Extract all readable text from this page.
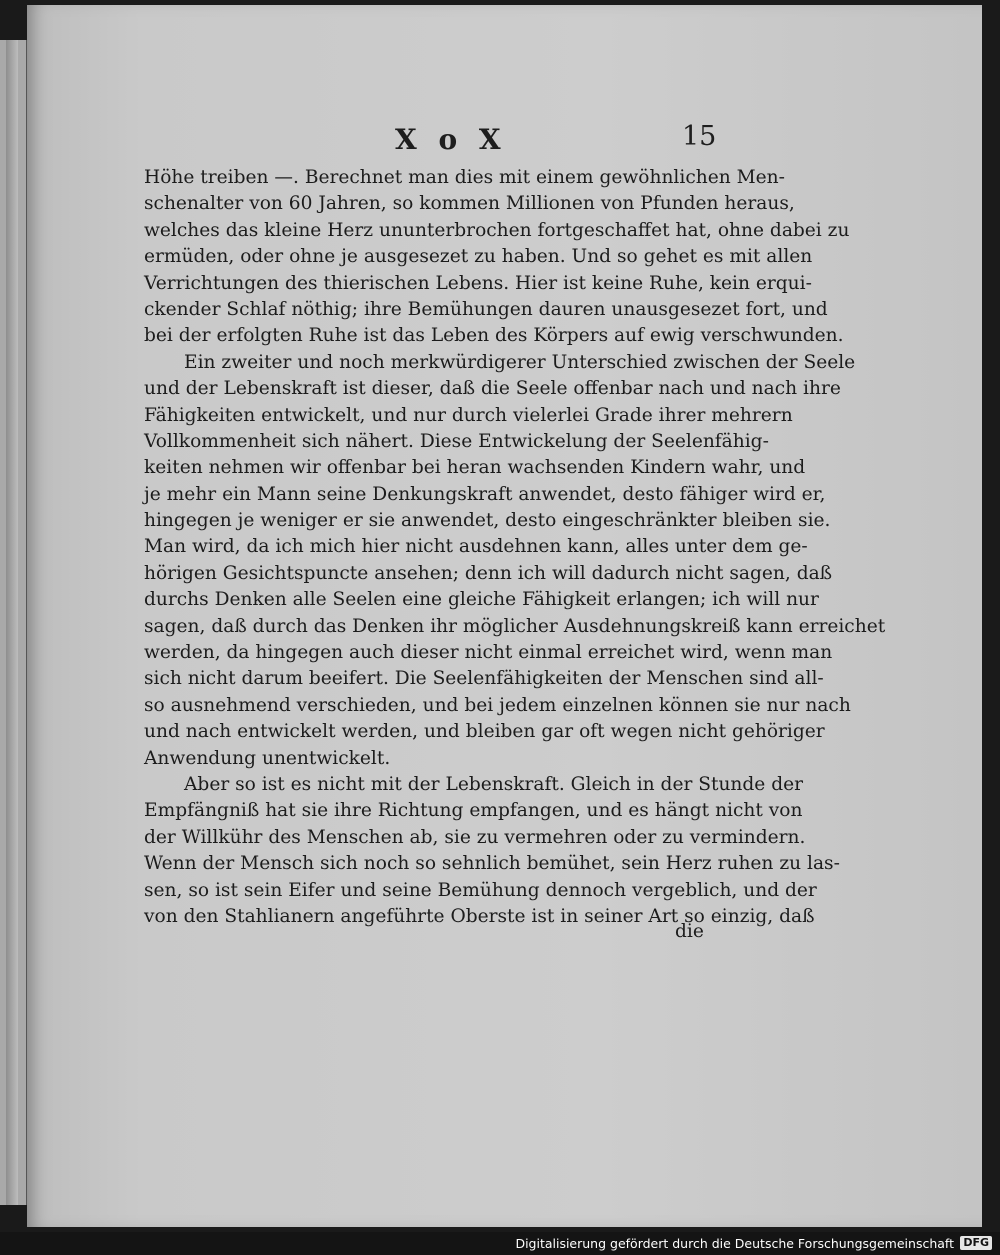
X o X	15
Höhe treiben —. Berechnet man dies mit einem gewöhnlichen Men-
schenalter von 60 Jahren, so kommen Millionen von Pfunden heraus,
welches das kleine Herz ununterbrochen fortgeschaffet hat, ohne dabei zu
ermüden, oder ohne je ausgesezet zu haben. Und so gehet es mit allen
Verrichtungen des thierischen Lebens. Hier ist keine Ruhe, kein erqui-
ckender Schlaf nöthig; ihre Bemühungen dauren unausgesezet fort, und
bei der erfolgten Ruhe ist das Leben des Körpers auf ewig verschwunden.
Ein zweiter und noch merkwürdigerer Unterschied zwischen der Seele
und der Lebenskraft ist dieser, daß die Seele offenbar nach und nach ihre
Fähigkeiten entwickelt, und nur durch vielerlei Grade ihrer mehrern
Vollkommenheit sich nähert. Diese Entwickelung der Seelenfähig-
keiten nehmen wir offenbar bei heran wachsenden Kindern wahr, und
je mehr ein Mann seine Denkungskraft anwendet, desto fähiger wird er,
hingegen je weniger er sie anwendet, desto eingeschränkter bleiben sie.
Man wird, da ich mich hier nicht ausdehnen kann, alles unter dem ge-
hörigen Gesichtspuncte ansehen; denn ich will dadurch nicht sagen, daß
durchs Denken alle Seelen eine gleiche Fähigkeit erlangen; ich will nur
sagen, daß durch das Denken ihr möglicher Ausdehnungskreiß kann erreichet
werden, da hingegen auch dieser nicht einmal erreichet wird, wenn man
sich nicht darum beeifert. Die Seelenfähigkeiten der Menschen sind all-
so ausnehmend verschieden, und bei jedem einzelnen können sie nur nach
und nach entwickelt werden, und bleiben gar oft wegen nicht gehöriger
Anwendung unentwickelt.
Aber so ist es nicht mit der Lebenskraft. Gleich in der Stunde der
Empfängniß hat sie ihre Richtung empfangen, und es hängt nicht von
der Willkühr des Menschen ab, sie zu vermehren oder zu vermindern.
Wenn der Mensch sich noch so sehnlich bemühet, sein Herz ruhen zu las-
sen, so ist sein Eifer und seine Bemühung dennoch vergeblich, und der
von den Stahlianern angeführte Oberste ist in seiner Art so einzig, daß
die
Digitalisierung gefördert durch die Deutsche Forschungsgemeinschaft DFG
